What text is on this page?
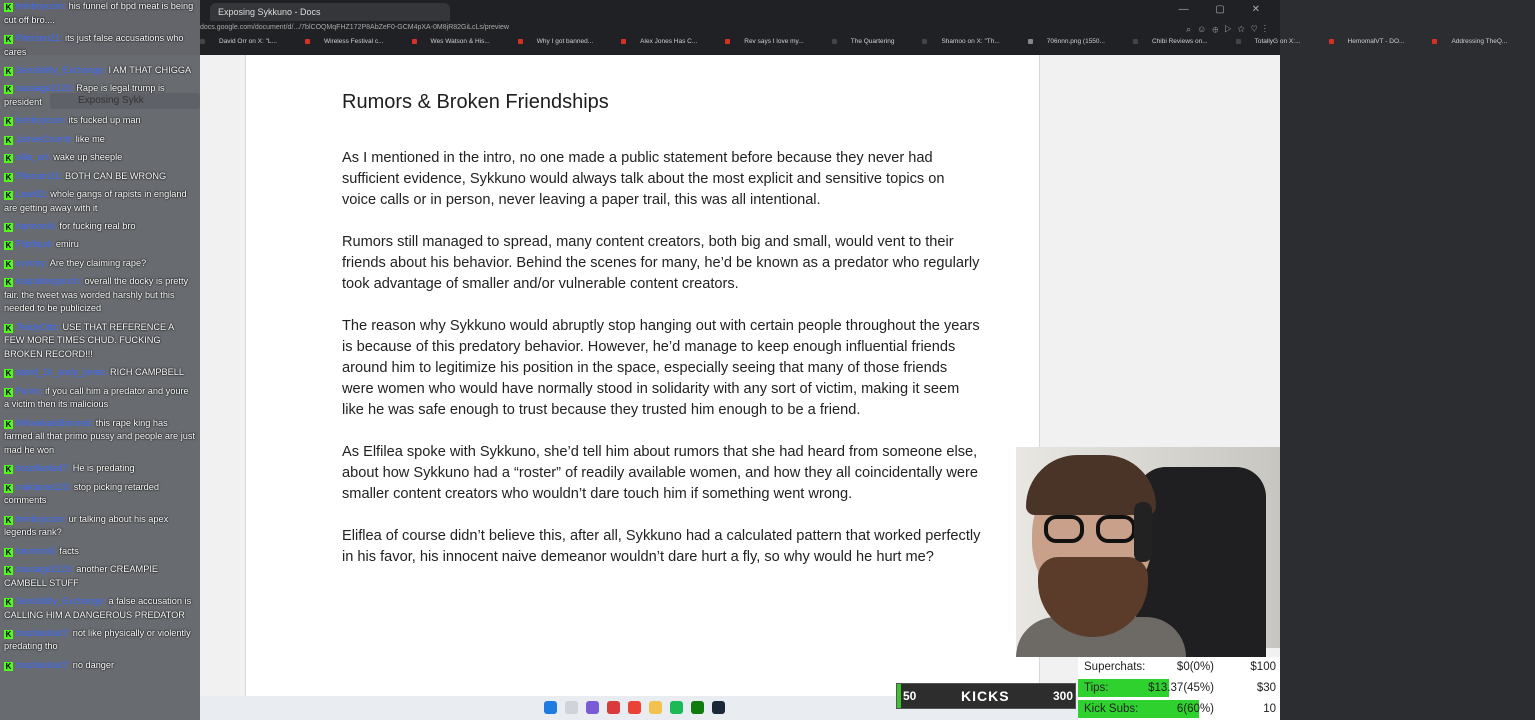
Exposing Sykkuno - Docs	— ▢ ✕
docs.google.com/document/d/.../7blCOQMqFHZ172P8AbZeF0-GCM4pXA-0M8jR82GiLcLs/preview	⌕☺⊕▷☆♡⋮
David Orr on X: "L...	Wireless Festival c...	Wes Watson & His...	Why I got banned...	Alex Jones Has C...	Rev says I love my...	The Quartering	Shamoo on X: "Th...	706nnn.png (1550...	Chibi Reviews on...	TotallyG on X:...	HemomalVT - DO...	Addressing TheQ...
Rumors & Broken Friendships

As I mentioned in the intro, no one made a public statement before because they never had sufficient evidence, Sykkuno would always talk about the most explicit and sensitive topics on voice calls or in person, never leaving a paper trail, this was all intentional.

Rumors still managed to spread, many content creators, both big and small, would vent to their friends about his behavior. Behind the scenes for many, he’d be known as a predator who regularly took advantage of smaller and/or vulnerable content creators.

The reason why Sykkuno would abruptly stop hanging out with certain people throughout the years is because of this predatory behavior. However, he’d manage to keep enough influential friends around him to legitimize his position in the space, especially seeing that many of those friends were women who would have normally stood in solidarity with any sort of victim, making it seem like he was safe enough to trust because they trusted him enough to be a friend.

As Elfilea spoke with Sykkuno, she’d tell him about rumors that she had heard from someone else, about how Sykkuno had a “roster” of readily available women, and how they all coincidentally were smaller content creators who wouldn’t dare touch him if something went wrong.

Eliflea of course didn’t believe this, after all, Sykkuno had a calculated pattern that worked perfectly in his favor, his innocent naive demeanor wouldn’t dare hurt a fly, so why would he hurt me?

K femboycum: his funnel of bpd meat is being cut off bro....
K Piterson21: its just false accusations who cares
K Sensibility_Exchange: I AM THAT CHIGGA
K sausage2123: Rape is legal trump is president
K femboycum: its fucked up man
K JamesCrumb: like me
K ollie_ort: wake up sheeple
K Piterson21: BOTH CAN BE WRONG
K Lewi92: whole gangs of rapists in england are getting away with it
K harmoni6: for fucking real bro
K Flipflop4: emiru
K xynony: Are they claiming rape?
K kaspollesgooch: overall the docky is pretty fair. the tweet was worded harshly but this needed to be publicized
K TeddyOttz: USE THAT REFERENCE A FEW MORE TIMES CHUD. FUCKING BROKEN RECORD!!!
K david_1k_andy_jones: RICH CAMPBELL
K Furiro: if you call him a predator and youre a victim then its malicious
K MihawkaisBanned: this rape king has farmed all that primo pussy and people are just mad he won
K brazilianlad7: He is predating
K maklame123: stop picking retarded comments
K femboycum: ur talking about his apex legends rank?
K harmoni6: facts
K sausage2123: another CREAMPIE CAMBELL STUFF
K Sensibility_Exchange: a false accusation is CALLING HIM A DANGEROUS PREDATOR
K brazilianlad7: not like physically or violently predating tho
K brazilianlad7: no danger
Exposing Sykk
50	KICKS	300
Superchats:	$0(0%)	$100
Tips:	$13.37(45%)	$30
Kick Subs:	6(60%)	10
